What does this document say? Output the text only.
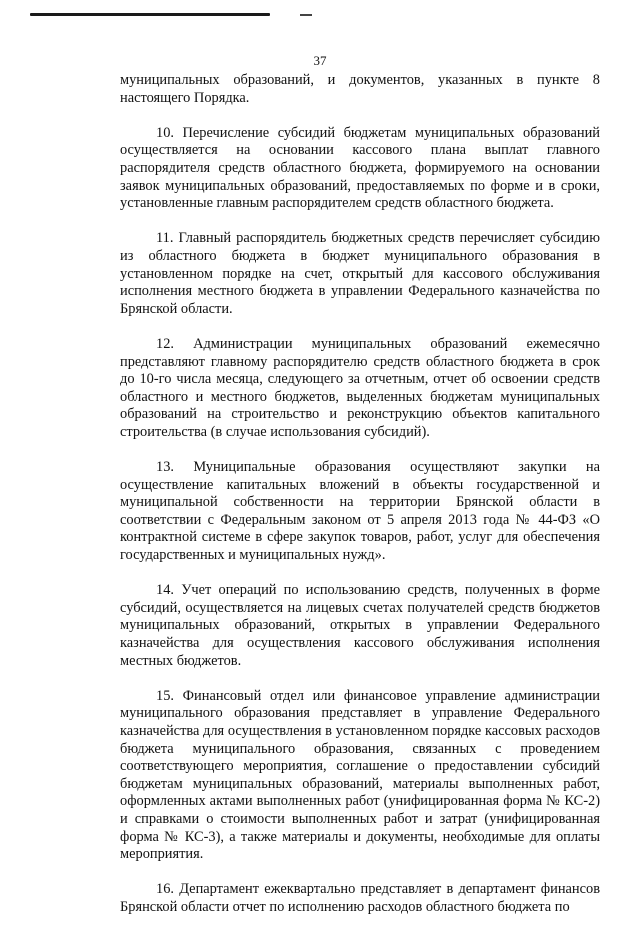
37

муниципальных образований, и документов, указанных в пункте 8 настоящего Порядка.

10. Перечисление субсидий бюджетам муниципальных образований осуществляется на основании кассового плана выплат главного распорядителя средств областного бюджета, формируемого на основании заявок муниципальных образований, предоставляемых по форме и в сроки, установленные главным распорядителем средств областного бюджета.

11. Главный распорядитель бюджетных средств перечисляет субсидию из областного бюджета в бюджет муниципального образования в установленном порядке на счет, открытый для кассового обслуживания исполнения местного бюджета в управлении Федерального казначейства по Брянской области.

12. Администрации муниципальных образований ежемесячно представляют главному распорядителю средств областного бюджета в срок до 10-го числа месяца, следующего за отчетным, отчет об освоении средств областного и местного бюджетов, выделенных бюджетам муниципальных образований на строительство и реконструкцию объектов капитального строительства (в случае использования субсидий).

13. Муниципальные образования осуществляют закупки на осуществление капитальных вложений в объекты государственной и муниципальной собственности на территории Брянской области в соответствии с Федеральным законом от 5 апреля 2013 года № 44-ФЗ «О контрактной системе в сфере закупок товаров, работ, услуг для обеспечения государственных и муниципальных нужд».

14. Учет операций по использованию средств, полученных в форме субсидий, осуществляется на лицевых счетах получателей средств бюджетов муниципальных образований, открытых в управлении Федерального казначейства для осуществления кассового обслуживания исполнения местных бюджетов.

15. Финансовый отдел или финансовое управление администрации муниципального образования представляет в управление Федерального казначейства для осуществления в установленном порядке кассовых расходов бюджета муниципального образования, связанных с проведением соответствующего мероприятия, соглашение о предоставлении субсидий бюджетам муниципальных образований, материалы выполненных работ, оформленных актами выполненных работ (унифицированная форма № КС-2) и справками о стоимости выполненных работ и затрат (унифицированная форма № КС-3), а также материалы и документы, необходимые для оплаты мероприятия.

16. Департамент ежеквартально представляет в департамент финансов Брянской области отчет по исполнению расходов областного бюджета по
